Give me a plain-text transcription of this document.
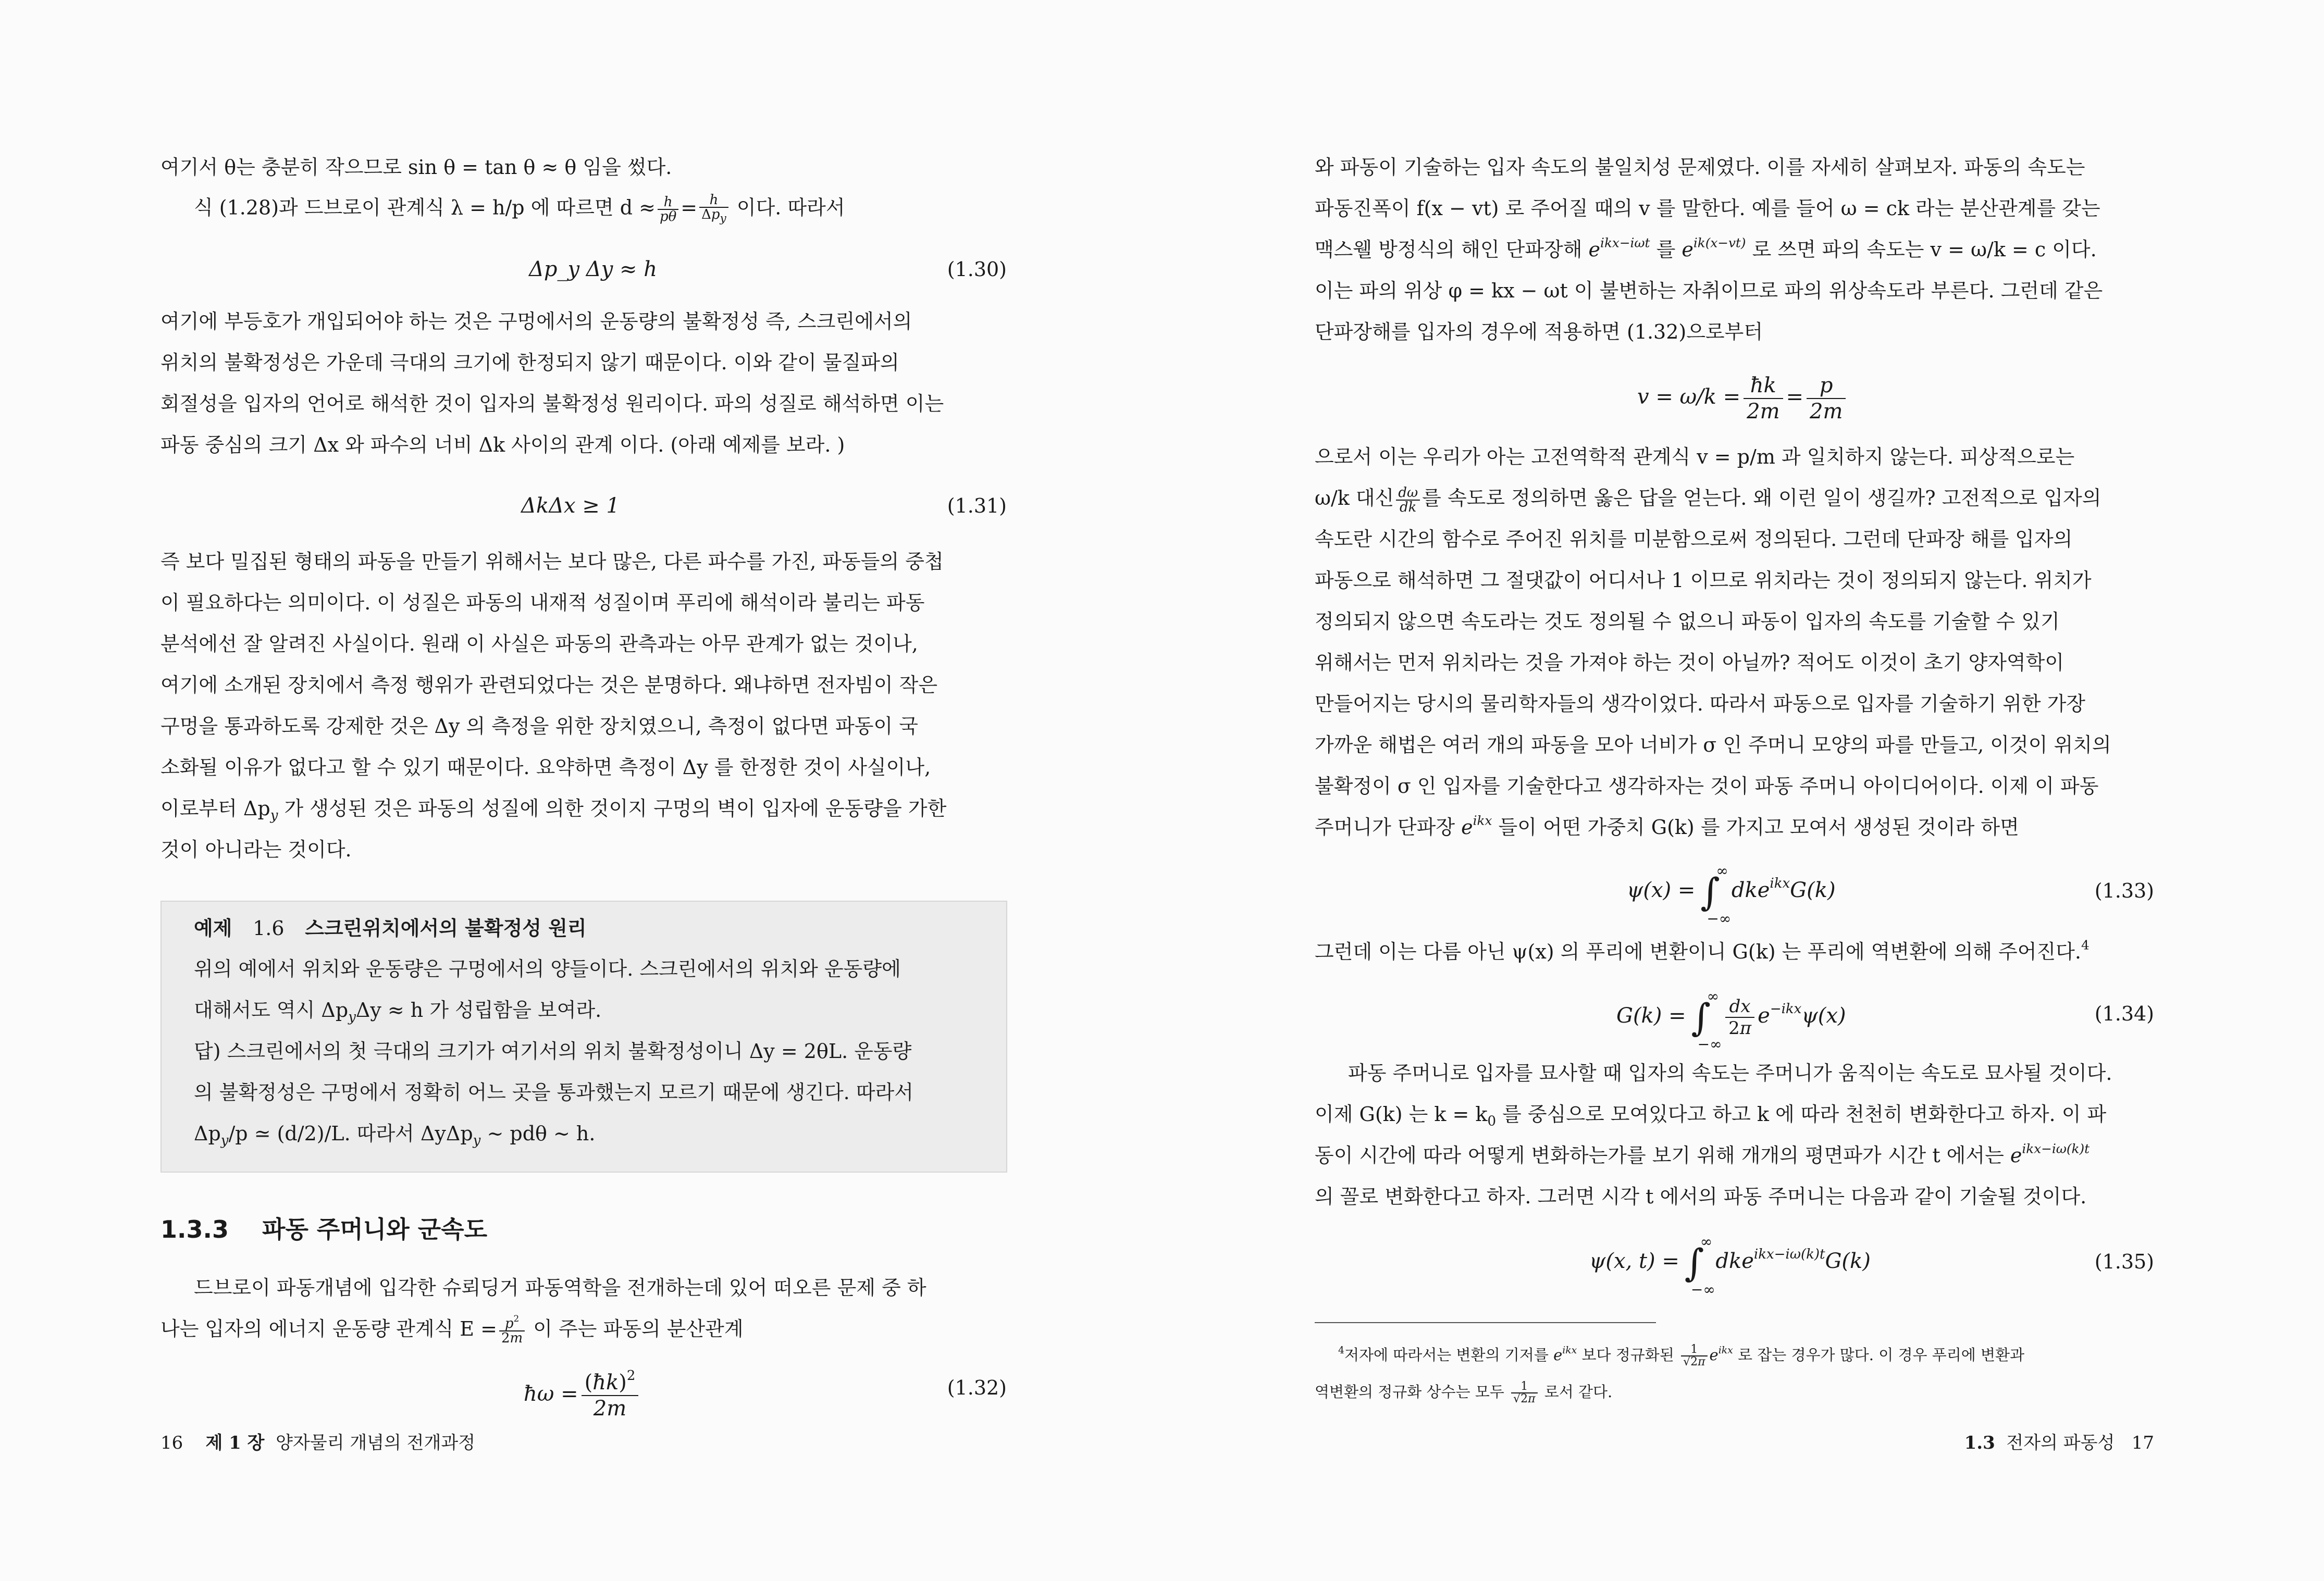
여기서 θ는 충분히 작으므로 sin θ = tan θ ≈ θ 임을 썼다.
식 (1.28)과 드브로이 관계식 λ = h/p 에 따르면 $d \approx \frac{h}{p\theta} = \frac{h}{\Delta p_y}$ 이다. 따라서
Δp_y Δy ≈ h	(1.30)
여기에 부등호가 개입되어야 하는 것은 구멍에서의 운동량의 불확정성 즉, 스크린에서의
위치의 불확정성은 가운데 극대의 크기에 한정되지 않기 때문이다. 이와 같이 물질파의
회절성을 입자의 언어로 해석한 것이 입자의 불확정성 원리이다. 파의 성질로 해석하면 이는
파동 중심의 크기 Δx 와 파수의 너비 Δk 사이의 관계 이다. (아래 예제를 보라. )
ΔkΔx ≥ 1	(1.31)
즉 보다 밀집된 형태의 파동을 만들기 위해서는 보다 많은, 다른 파수를 가진, 파동들의 중첩
이 필요하다는 의미이다. 이 성질은 파동의 내재적 성질이며 푸리에 해석이라 불리는 파동
분석에선 잘 알려진 사실이다. 원래 이 사실은 파동의 관측과는 아무 관계가 없는 것이나,
여기에 소개된 장치에서 측정 행위가 관련되었다는 것은 분명하다. 왜냐하면 전자빔이 작은
구멍을 통과하도록 강제한 것은 Δy 의 측정을 위한 장치였으니, 측정이 없다면 파동이 국
소화될 이유가 없다고 할 수 있기 때문이다. 요약하면 측정이 Δy 를 한정한 것이 사실이나,
이로부터 $\Delta p_y$ 가 생성된 것은 파동의 성질에 의한 것이지 구멍의 벽이 입자에 운동량을 가한
것이 아니라는 것이다.
예제 1.6 스크린위치에서의 불확정성 원리
위의 예에서 위치와 운동량은 구멍에서의 양들이다. 스크린에서의 위치와 운동량에
대해서도 역시 $\Delta p_y\Delta y \approx h$ 가 성립함을 보여라.
답) 스크린에서의 첫 극대의 크기가 여기서의 위치 불확정성이니 Δy = 2θL. 운동량
의 불확정성은 구멍에서 정확히 어느 곳을 통과했는지 모르기 때문에 생긴다. 따라서
$\Delta p_y/p$ ≃ (d/2)/L. 따라서 ΔyΔp$_y$ ∼ pdθ ∼ h.
1.3.3 파동 주머니와 군속도
드브로이 파동개념에 입각한 슈뢰딩거 파동역학을 전개하는데 있어 떠오른 문제 중 하
나는 입자의 에너지 운동량 관계식 $E = \frac{p^2}{2m}$ 이 주는 파동의 분산관계
ħω = $\frac{(ħk)^2}{2m}$	(1.32)
16 제 1 장 양자물리 개념의 전개과정
와 파동이 기술하는 입자 속도의 불일치성 문제였다. 이를 자세히 살펴보자. 파동의 속도는
파동진폭이 f(x − vt) 로 주어질 때의 v 를 말한다. 예를 들어 ω = ck 라는 분산관계를 갖는
맥스웰 방정식의 해인 단파장해 $e^{ikx-i\omega t}$ 를 $e^{ik(x-vt)}$ 로 쓰면 파의 속도는 v = ω/k = c 이다.
이는 파의 위상 φ = kx − ωt 이 불변하는 자취이므로 파의 위상속도라 부른다. 그런데 같은
단파장해를 입자의 경우에 적용하면 (1.32)으로부터
$v = \omega/k = \frac{ħk}{2m} = \frac{p}{2m}$
으로서 이는 우리가 아는 고전역학적 관계식 v = p/m 과 일치하지 않는다. 피상적으로는
ω/k 대신 $\frac{d\omega}{dk}$ 를 속도로 정의하면 옳은 답을 얻는다. 왜 이런 일이 생길까? 고전적으로 입자의
속도란 시간의 함수로 주어진 위치를 미분함으로써 정의된다. 그런데 단파장 해를 입자의
파동으로 해석하면 그 절댓값이 어디서나 1 이므로 위치라는 것이 정의되지 않는다. 위치가
정의되지 않으면 속도라는 것도 정의될 수 없으니 파동이 입자의 속도를 기술할 수 있기
위해서는 먼저 위치라는 것을 가져야 하는 것이 아닐까? 적어도 이것이 초기 양자역학이
만들어지는 당시의 물리학자들의 생각이었다. 따라서 파동으로 입자를 기술하기 위한 가장
가까운 해법은 여러 개의 파동을 모아 너비가 σ 인 주머니 모양의 파를 만들고, 이것이 위치의
불확정이 σ 인 입자를 기술한다고 생각하자는 것이 파동 주머니 아이디어이다. 이제 이 파동
주머니가 단파장 $e^{ikx}$ 들이 어떤 가중치 G(k) 를 가지고 모여서 생성된 것이라 하면
ψ(x) = ∫
∞
−∞
dke$^{ikx}$G(k)	(1.33)
그런데 이는 다름 아닌 ψ(x) 의 푸리에 변환이니 G(k) 는 푸리에 역변환에 의해 주어진다.$^4$
G(k) = ∫
∞
−∞
$\frac{dx}{2\pi} e^{-ikx}\psi(x)$	(1.34)
파동 주머니로 입자를 묘사할 때 입자의 속도는 주머니가 움직이는 속도로 묘사될 것이다.
이제 G(k) 는 $k = k_0$ 를 중심으로 모여있다고 하고 k 에 따라 천천히 변화한다고 하자. 이 파
동이 시간에 따라 어떻게 변화하는가를 보기 위해 개개의 평면파가 시간 t 에서는 $e^{ikx-i\omega(k)t}$
의 꼴로 변화한다고 하자. 그러면 시각 t 에서의 파동 주머니는 다음과 같이 기술될 것이다.
ψ(x, t) = ∫
∞
−∞
dke$^{ikx-i\omega(k)t}$G(k)	(1.35)
$^4$저자에 따라서는 변환의 기저를 $e^{ikx}$ 보다 정규화된 $\frac{1}{√2\pi} e^{ikx}$ 로 잡는 경우가 많다. 이 경우 푸리에 변환과
역변환의 정규화 상수는 모두 $\frac{1}{√2\pi}$ 로서 같다.
1.3 전자의 파동성 17
